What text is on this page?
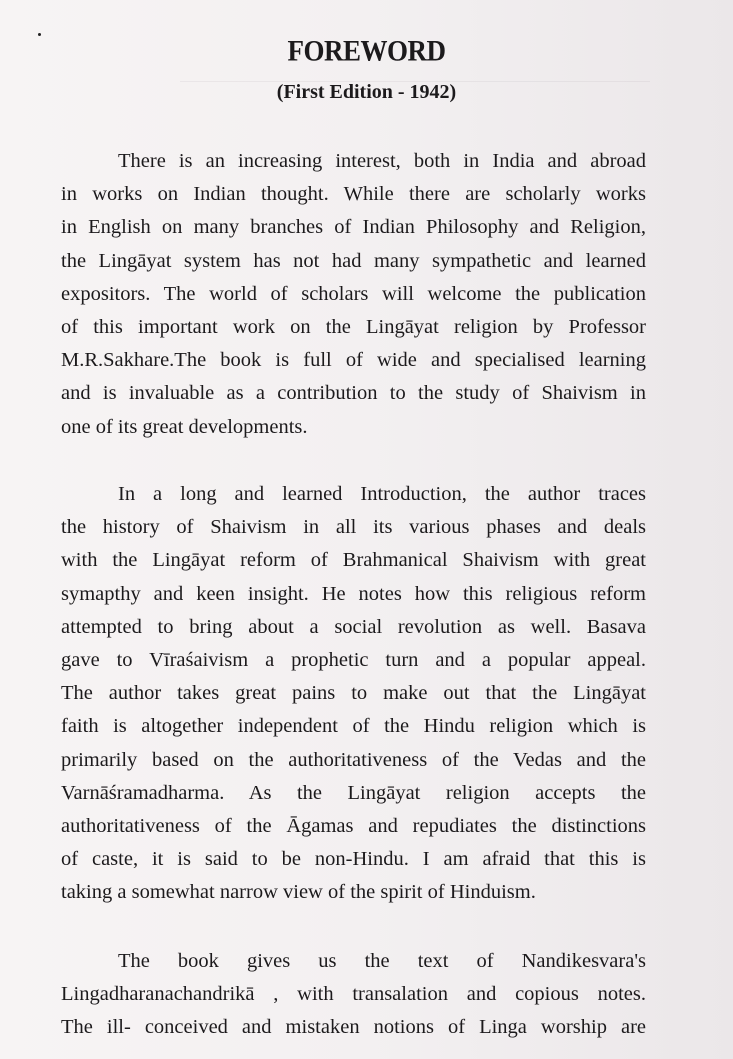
FOREWORD
(First Edition - 1942)
There is an increasing interest, both in India and abroad
in works on Indian thought. While there are scholarly works
in English on many branches of Indian Philosophy and Religion,
the Lingāyat system has not had many sympathetic and learned
expositors. The world of scholars will welcome the publication
of this important work on the Lingāyat religion by Professor
M.R.Sakhare.The book is full of wide and specialised learning
and is invaluable as a contribution to the study of Shaivism in
one of its great developments.
In a long and learned Introduction, the author traces
the history of Shaivism in all its various phases and deals
with the Lingāyat reform of Brahmanical Shaivism with great
symapthy and keen insight. He notes how this religious reform
attempted to bring about a social revolution as well. Basava
gave to Vīraśaivism a prophetic turn and a popular appeal.
The author takes great pains to make out that the Lingāyat
faith is altogether independent of the Hindu religion which is
primarily based on the authoritativeness of the Vedas and the
Varnāśramadharma. As the Lingāyat religion accepts the
authoritativeness of the Āgamas and repudiates the distinctions
of caste, it is said to be non-Hindu. I am afraid that this is
taking a somewhat narrow view of the spirit of Hinduism.
The book gives us the text of Nandikesvara's
Lingadharanachandrikā , with transalation and copious notes.
The ill- conceived and mistaken notions of Linga worship are
